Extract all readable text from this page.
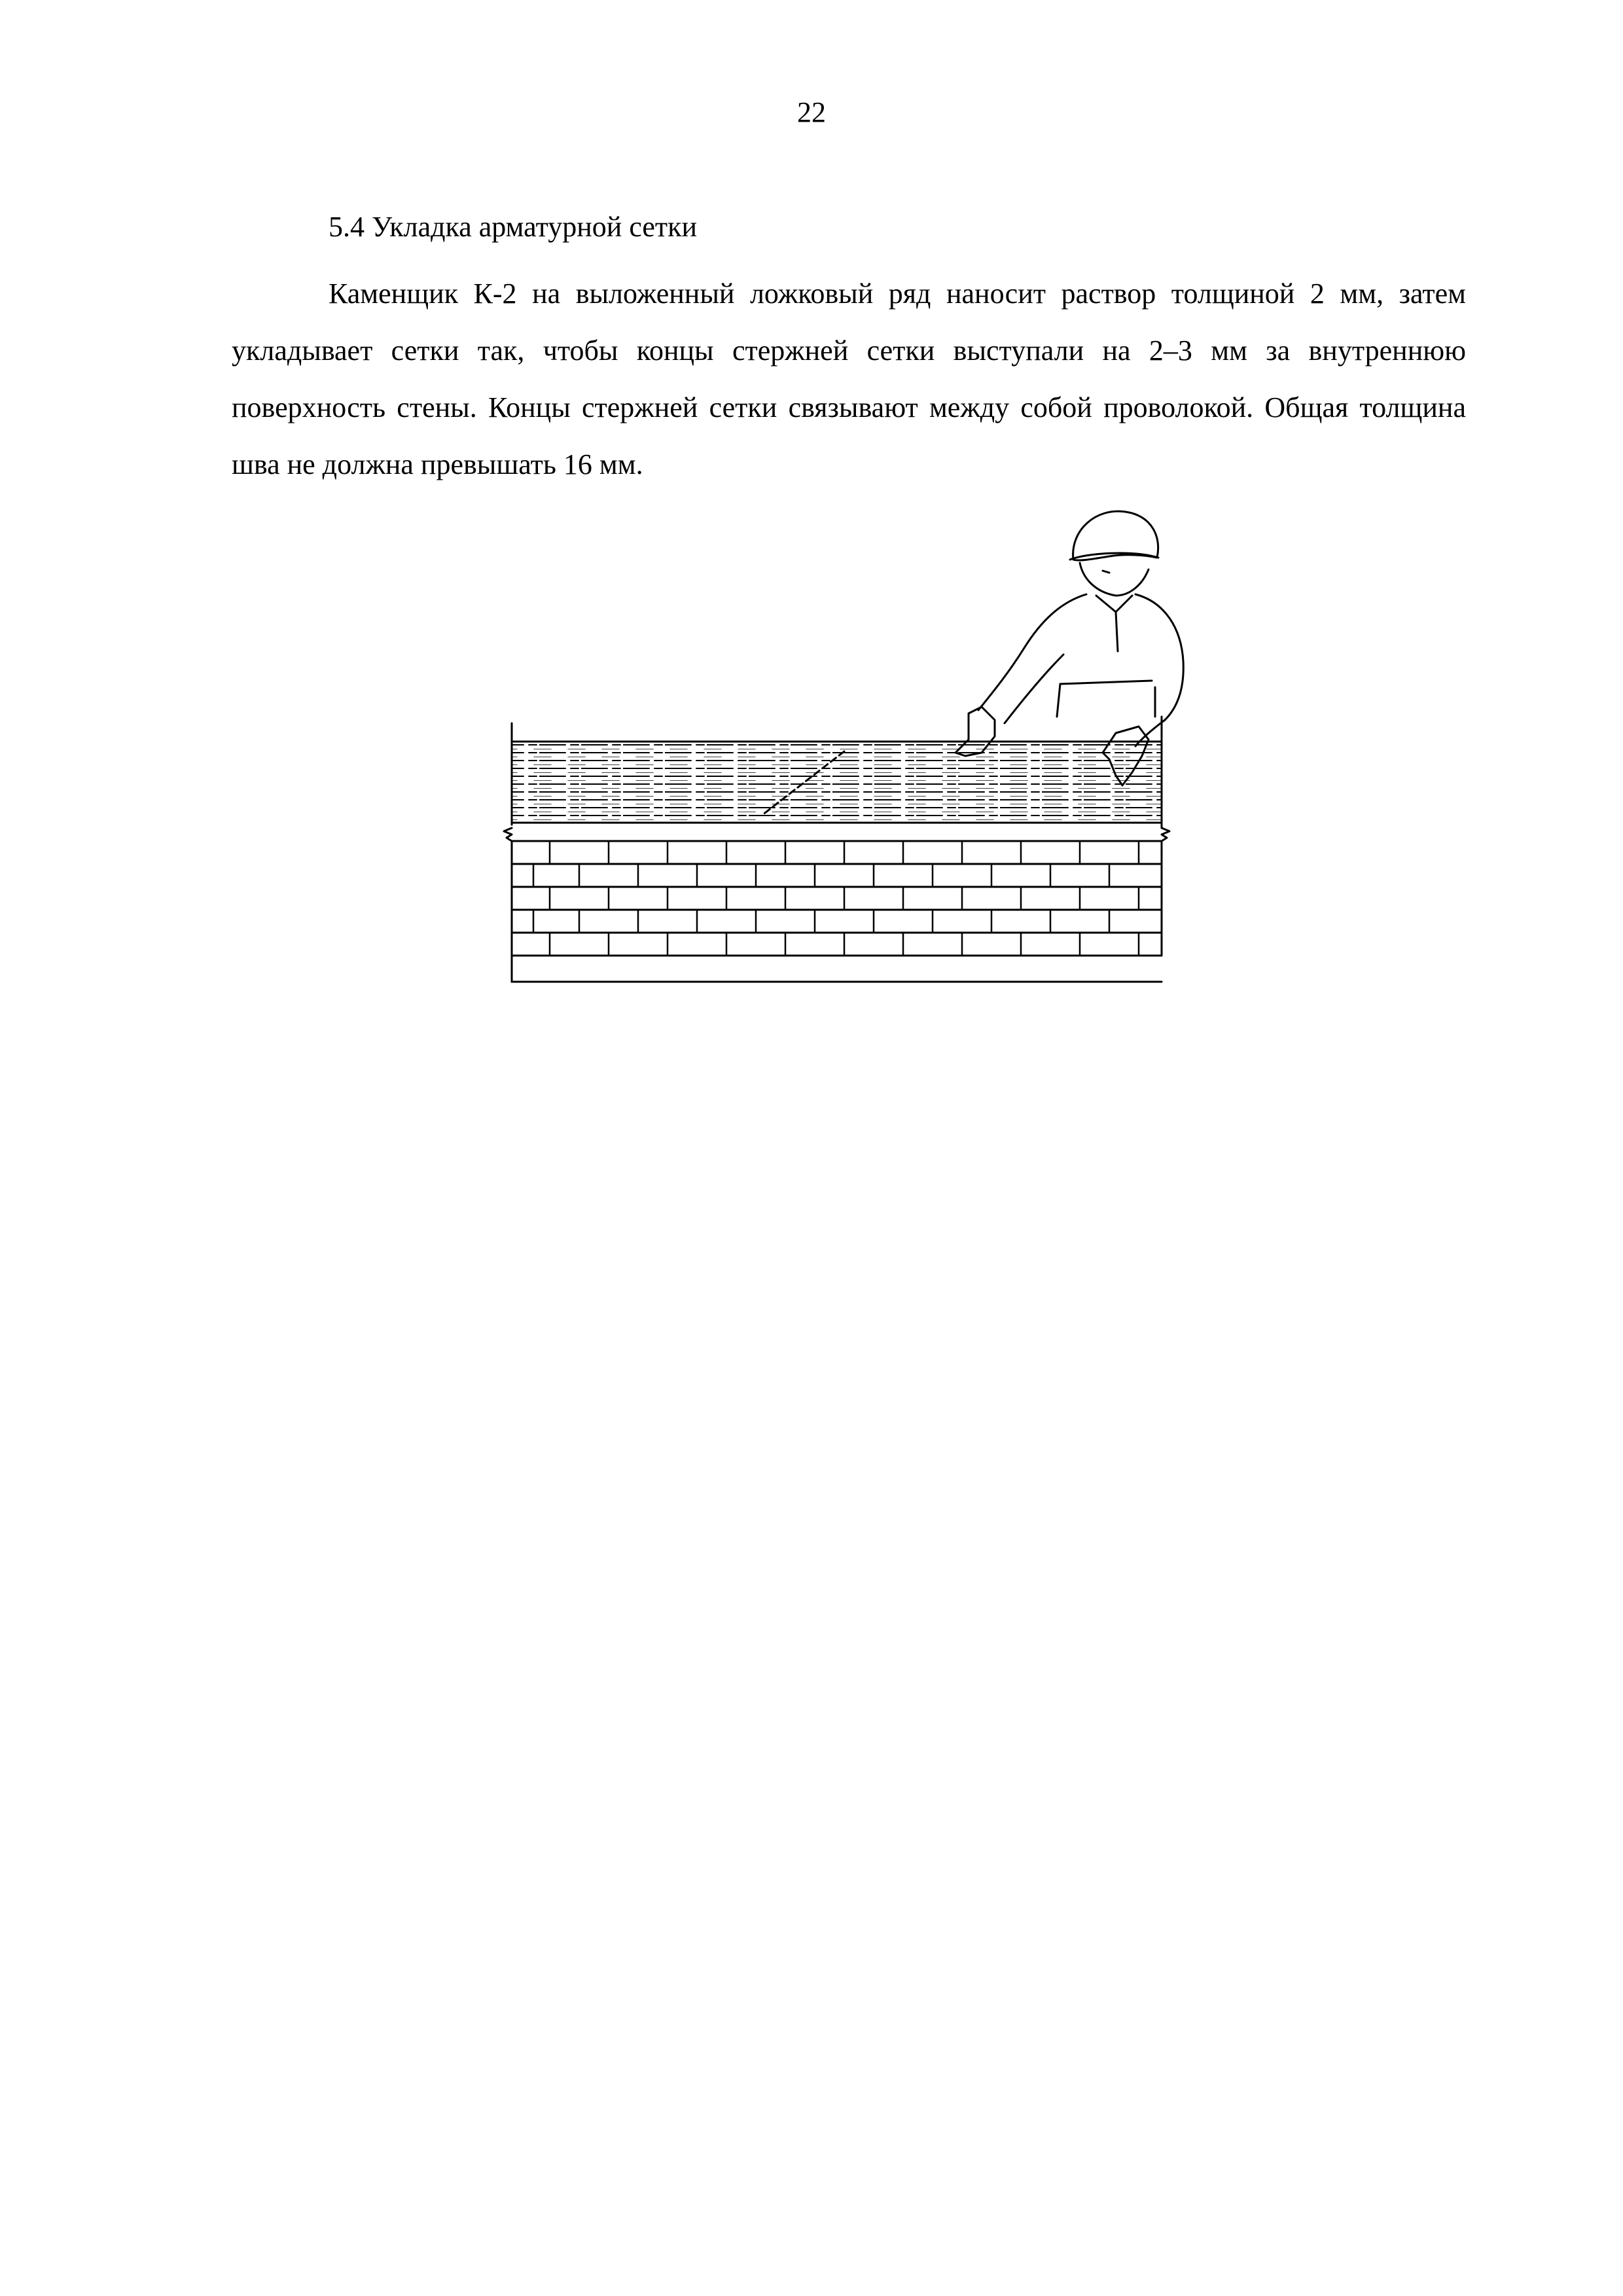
22
5.4 Укладка арматурной сетки

Каменщик К-2 на выложенный ложковый ряд наносит раствор толщиной 2 мм, затем укладывает сетки так, чтобы концы стержней сетки выступали на 2–3 мм за внутреннюю поверхность стены. Концы стержней сетки связывают между собой проволокой. Общая толщина шва не должна превышать 16 мм.
